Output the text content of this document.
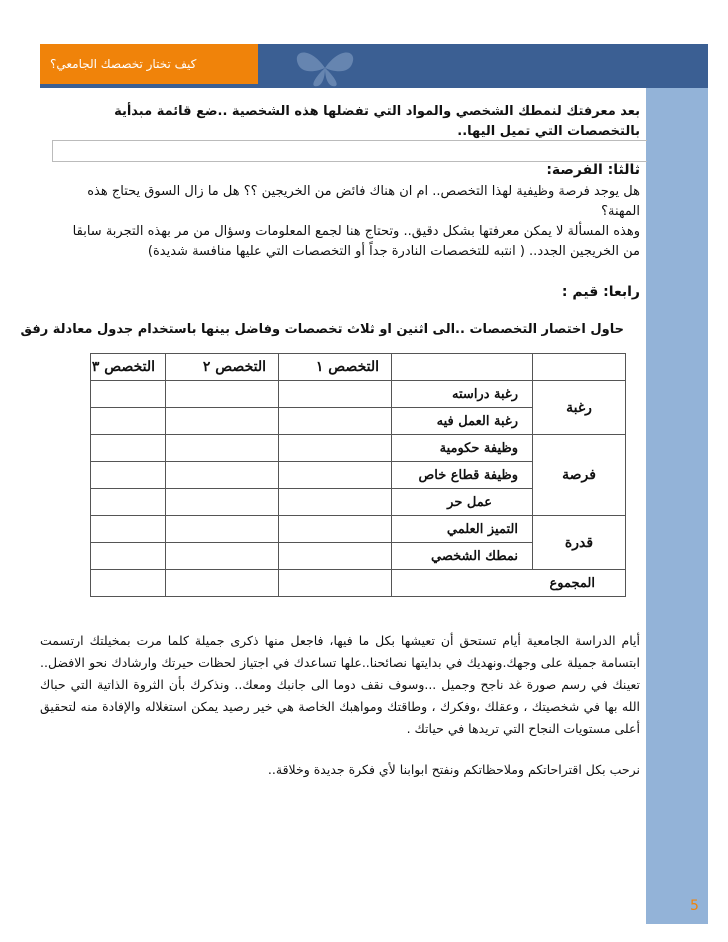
كيف تختار تخصصك الجامعي؟
بعد معرفتك لنمطك الشخصي والمواد التي تفضلها هذه الشخصية ..ضع قائمة مبدأية بالتخصصات التي تميل اليها..
ثالثا: الفرصة:
هل يوجد فرصة وظيفية لهذا التخصص.. ام ان هناك فائض من الخريجين ؟؟ هل ما زال السوق يحتاج هذه المهنة؟
وهذه المسألة لا يمكن معرفتها بشكل دقيق.. وتحتاج هنا لجمع المعلومات وسؤال من مر بهذه التجربة سابقا من الخريجين الجدد.. ( انتبه للتخصصات النادرة جداً أو التخصصات التي عليها منافسة شديدة)
رابعا: قيم :
حاول اختصار التخصصات ..الى اثنين او ثلاث تخصصات وفاضل بينها باستخدام جدول معادلة رفق
		التخصص ١	التخصص ٢	التخصص ٣
رغبة	رغبة دراسته			
	رغبة العمل فيه			
فرصة	وظيفة حكومية			
	وظيفة قطاع خاص			
	عمل حر			
قدرة	التميز العلمي			
	نمطك الشخصي			
المجموع				
أيام الدراسة الجامعية أيام تستحق أن تعيشها بكل ما فيها، فاجعل منها ذكرى جميلة كلما مرت بمخيلتك ارتسمت ابتسامة جميلة على وجهك.ونهديك في بدايتها نصائحنا..علها تساعدك في اجتياز لحظات حيرتك وارشادك نحو الافضل.. تعينك في رسم صورة غد ناجح وجميل ...وسوف نقف دوما الى جانبك ومعك.. ونذكرك بأن الثروة الذاتية التي حباك الله بها في شخصيتك ، وعقلك ،وفكرك ، وطاقتك ومواهبك الخاصة هي خير رصيد يمكن استغلاله والإفادة منه لتحقيق أعلى مستويات النجاح التي تريدها في حياتك .
نرحب بكل اقتراحاتكم وملاحظاتكم ونفتح ابوابنا لأي فكرة جديدة وخلاقة..
5
